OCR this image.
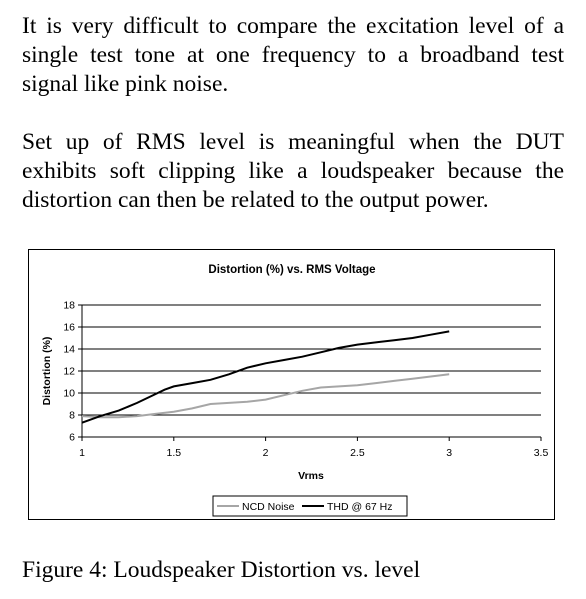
It is very difficult to compare the excitation level of a single test tone at one frequency to a broadband test signal like pink noise.

Set up of RMS level is meaningful when the DUT exhibits soft clipping like a loudspeaker because the distortion can then be related to the output power.

Distortion (%) vs. RMS Voltage
Vrms
Distortion (%)
6
8
10
12
14
16
18
1	1.5	2	2.5	3	3.5
NCD Noise	THD @ 67 Hz

Figure 4: Loudspeaker Distortion vs. level
